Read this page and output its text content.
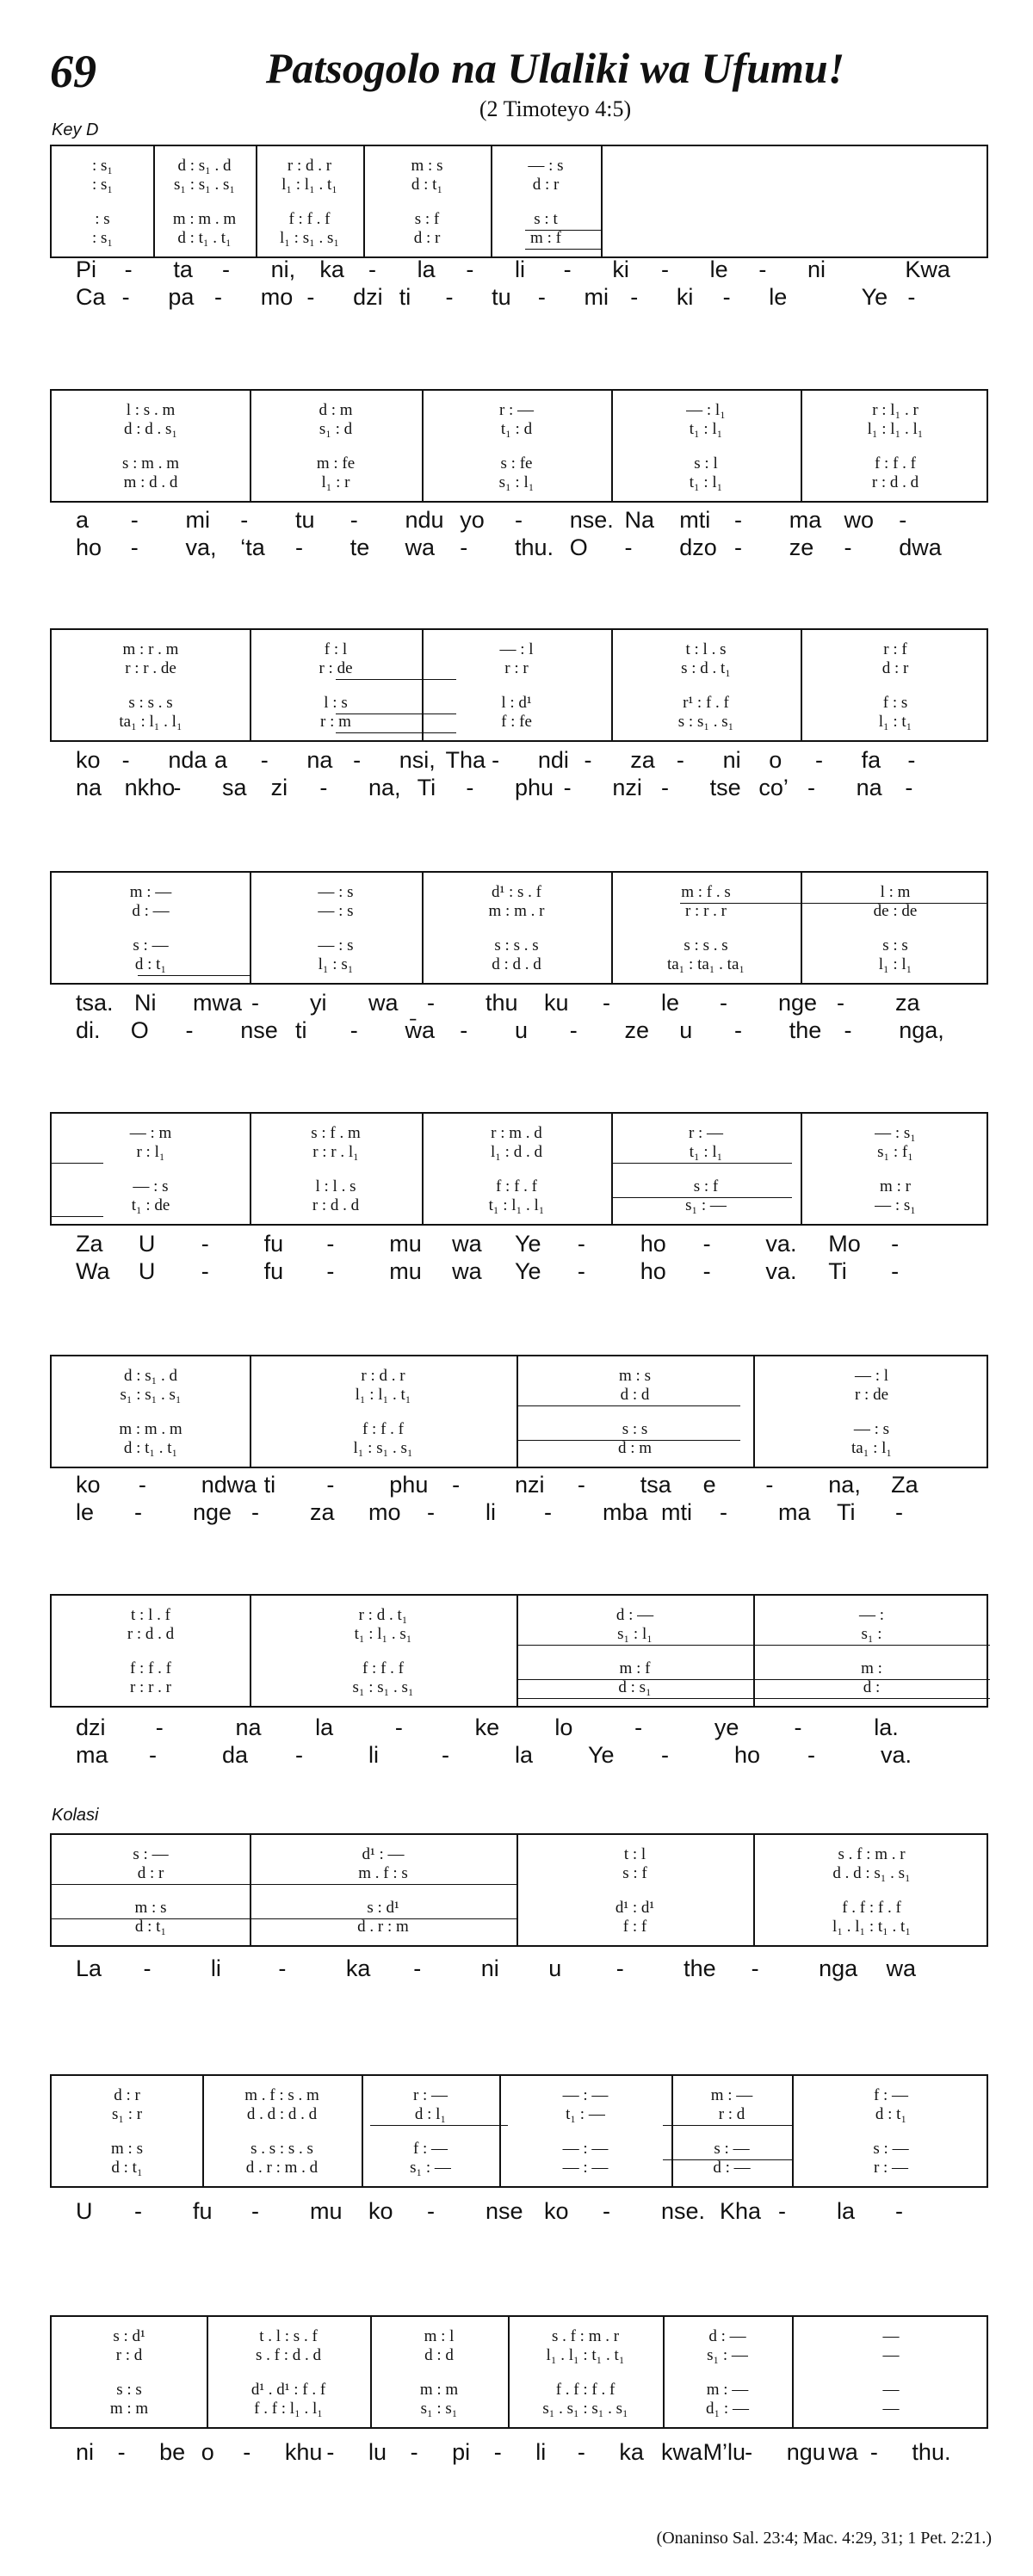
69	Patsogolo na Ulaliki wa Ufumu!
(2 Timoteyo 4:5)
Key D
Kolasi
: s₁	d : s₁ . d	r : d . r	m : s	— : s
: s₁	s₁ : s₁ . s₁	l₁ : l₁ . t₁	d : t₁	d : r
: s	m : m . m	f : f . f	s : f	s : t
: s₁	d : t₁ . t₁	l₁ : s₁ . s₁	d : r	m : f
Pi - ta - ni, ka - la - li - ki - le - ni	Kwa
Ca - pa - mo - dzi ti - tu - mi - ki - le	Ye -
l : s . m	d : m	r : —	— : l₁	r : l₁ . r
d : d . s₁	s₁ : d	t₁ : d	t₁ : l₁	l₁ : l₁ . l₁
s : m . m	m : fe	s : fe	s : l	f : f . f
m : d . d	l₁ : r	s₁ : l₁	t₁ : l₁	r : d . d
a - mi - tu - ndu yo - nse. Na mti - ma wo -
ho - va, ‘ta - te wa - thu. O - dzo - ze - dwa
m : r . m	f : l	— : l	t : l . s	r : f
r : r . de	r : de	r : r	s : d . t₁	d : r
s : s . s	l : s	l : d¹	r¹ : f . f	f : s
ta₁ : l₁ . l₁	r : m	f : fe	s : s₁ . s₁	l₁ : t₁
ko - nda a - na - nsi, Tha - ndi - za - ni o - fa -
na nkho
- sa zi - na, Ti - phu - nzi - tse co’ - na -
m : —	— : s	d¹ : s . f	m : f . s	l : m
d : —	— : s	m : m . r	r : r . r	de : de
s : —	— : s	s : s . s	s : s . s	s : s
d : t₁	l₁ : s₁	d : d . d	ta₁ : ta₁ . ta₁	l₁ : l₁
tsa. Ni mwa - yi wa - thu ku - le - nge - za
di. O - nse ti - w̄a - u - ze u - the - nga,
— : m	s : f . m	r : m . d	r : —	— : s₁
r : l₁	r : r . l₁	l₁ : d . d	t₁ : l₁	s₁ : f₁
— : s	l : l . s	f : f . f	s : f	m : r
t₁ : de	r : d . d	t₁ : l₁ . l₁	s₁ : —	— : s₁
Za U - fu - mu wa Ye - ho - va. Mo -
Wa U - fu - mu wa Ye - ho - va. Ti -
d : s₁ . d	r : d . r	m : s	— : l
s₁ : s₁ . s₁	l₁ : l₁ . t₁	d : d	r : de
m : m . m	f : f . f	s : s	— : s
d : t₁ . t₁	l₁ : s₁ . s₁	d : m	ta₁ : l₁
ko - ndwa ti - phu - nzi - tsa e - na, Za
le - nge - za mo - li - mba mti - ma Ti -
t : l . f	r : d . t₁	d : —	— :
r : d . d	t₁ : l₁ . s₁	s₁ : l₁	s₁ :
f : f . f	f : f . f	m : f	m :
r : r . r	s₁ : s₁ . s₁	d : s₁	d :
dzi -	na la	-	ke lo	-	ye -	la.
ma -	da -	li	-	la Ye -	ho -	va.
s : —	d¹ : —	t : l	s . f : m . r
d : r	m . f : s	s : f	d . d : s₁ . s₁
m : s	s : d¹	d¹ : d¹	f . f : f . f
d : t₁	d . r : m	f : f	l₁ . l₁ : t₁ . t₁
La -	li -	ka -	ni u -	the -	nga wa
d : r	m . f : s . m	r : —	— : —	m : —	f : —
s₁ : r	d . d : d . d	d : l₁	t₁ : —	r : d	d : t₁
m : s	s . s : s . s	f : —	— : —	s : —	s : —
d : t₁	d . r : m . d	s₁ : —	— : —	d : —	r : —
U - fu - mu ko - nse ko - nse. Kha - la -
s : d¹	t . l : s . f	m : l	s . f : m . r	d : —	—
r : d	s . f : d . d	d : d	l₁ . l₁ : t₁ . t₁	s₁ : —	—
s : s	d¹ . d¹ : f . f	m : m	f . f : f . f	m : —	—
m : m	f . f : l₁ . l₁	s₁ : s₁	s₁ . s₁ : s₁ . s₁	d₁ : —	—
ni - be o - khu - lu - pi - li - ka kwa M’lu - ngu wa - thu.
(Onaninso Sal. 23:4; Mac. 4:29, 31; 1 Pet. 2:21.)
